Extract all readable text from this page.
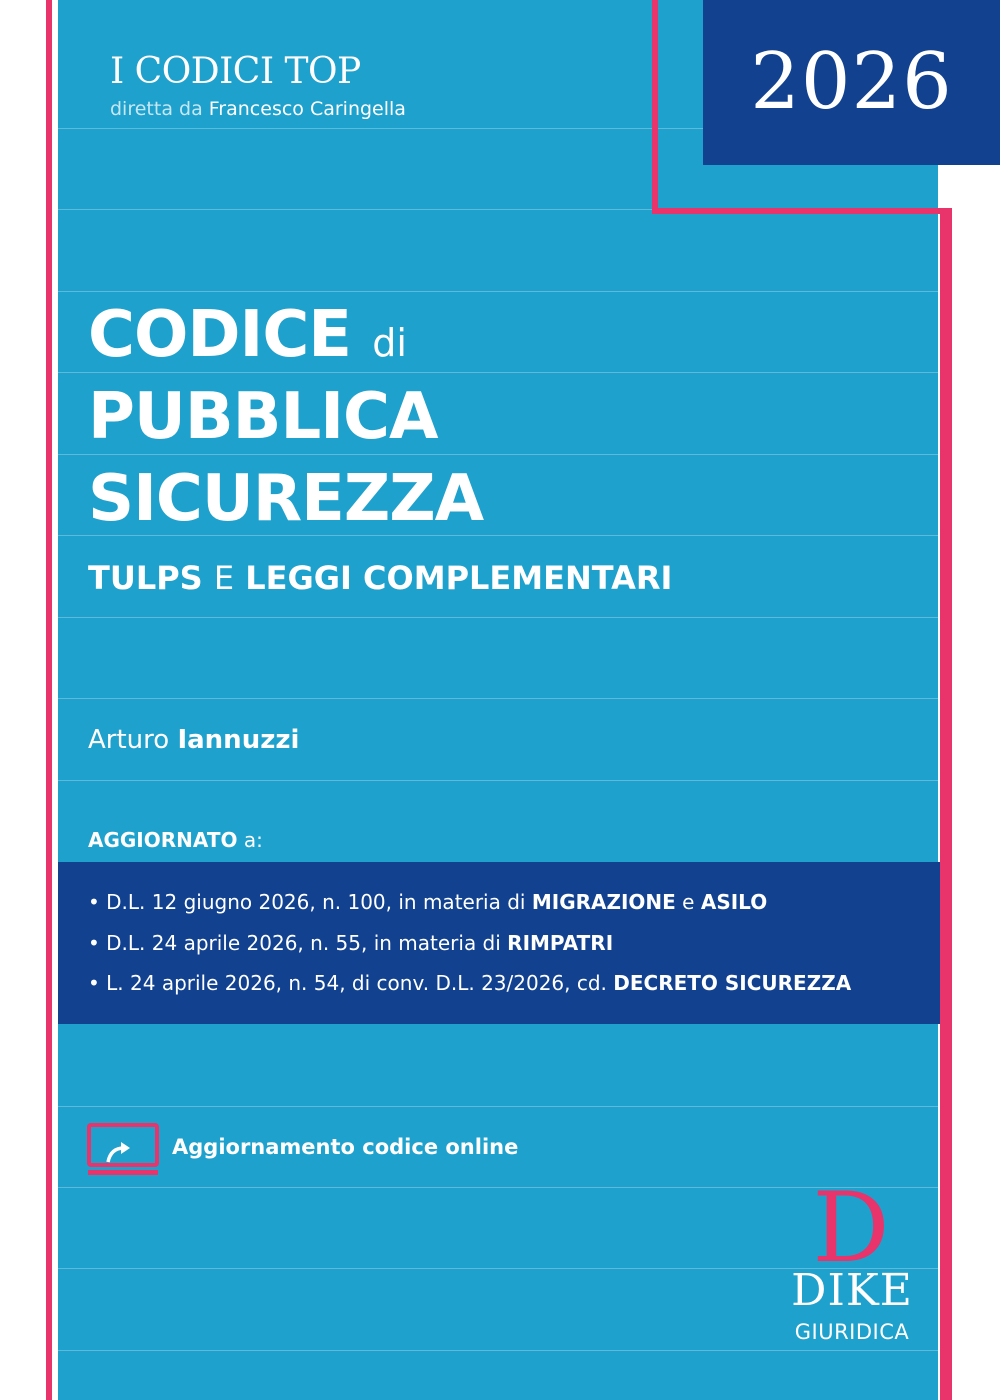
2026
I CODICI TOP
diretta da Francesco Caringella
CODICE di
PUBBLICA
SICUREZZA
TULPS E LEGGI COMPLEMENTARI
Arturo Iannuzzi
AGGIORNATO a:
• D.L. 12 giugno 2026, n. 100, in materia di MIGRAZIONE e ASILO
• D.L. 24 aprile 2026, n. 55, in materia di RIMPATRI
• L. 24 aprile 2026, n. 54, di conv. D.L. 23/2026, cd. DECRETO SICUREZZA
Aggiornamento codice online
D
DIKE
GIURIDICA
